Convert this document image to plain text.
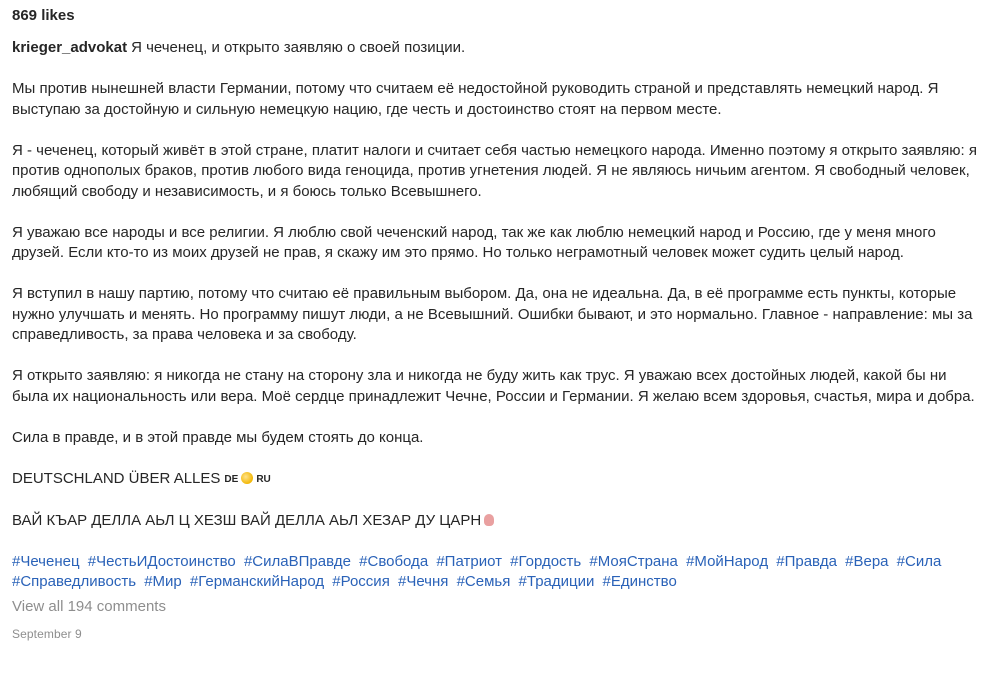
869 likes

krieger_advokat Я чеченец, и открыто заявляю о своей позиции.

Мы против нынешней власти Германии, потому что считаем её недостойной руководить страной и представлять немецкий народ. Я выступаю за достойную и сильную немецкую нацию, где честь и достоинство стоят на первом месте.

Я - чеченец, который живёт в этой стране, платит налоги и считает себя частью немецкого народа. Именно поэтому я открыто заявляю: я против однополых браков, против любого вида геноцида, против угнетения людей. Я не являюсь ничьим агентом. Я свободный человек, любящий свободу и независимость, и я боюсь только Всевышнего.

Я уважаю все народы и все религии. Я люблю свой чеченский народ, так же как люблю немецкий народ и Россию, где у меня много друзей. Если кто-то из моих друзей не прав, я скажу им это прямо. Но только неграмотный человек может судить целый народ.

Я вступил в нашу партию, потому что считаю её правильным выбором. Да, она не идеальна. Да, в её программе есть пункты, которые нужно улучшать и менять. Но программу пишут люди, а не Всевышний. Ошибки бывают, и это нормально. Главное - направление: мы за справедливость, за права человека и за свободу.

Я открыто заявляю: я никогда не стану на сторону зла и никогда не буду жить как трус. Я уважаю всех достойных людей, какой бы ни была их национальность или вера. Моё сердце принадлежит Чечне, России и Германии. Я желаю всем здоровья, счастья, мира и добра.

Сила в правде, и в этой правде мы будем стоять до конца.

DEUTSCHLAND ÜBER ALLES DE RU

ВАЙ КЪАР ДЕЛЛА АЬЛ Ц ХЕЗШ ВАЙ ДЕЛЛА АЬЛ ХЕЗАР ДУ ЦАРН

#Чеченец #ЧестьИДостоинство #СилаВПравде #Свобода #Патриот #Гордость #МояСтрана #МойНарод #Правда #Вера #Сила #Справедливость #Мир #ГерманскийНарод #Россия #Чечня #Семья #Традиции #Единство

View all 194 comments
September 9
